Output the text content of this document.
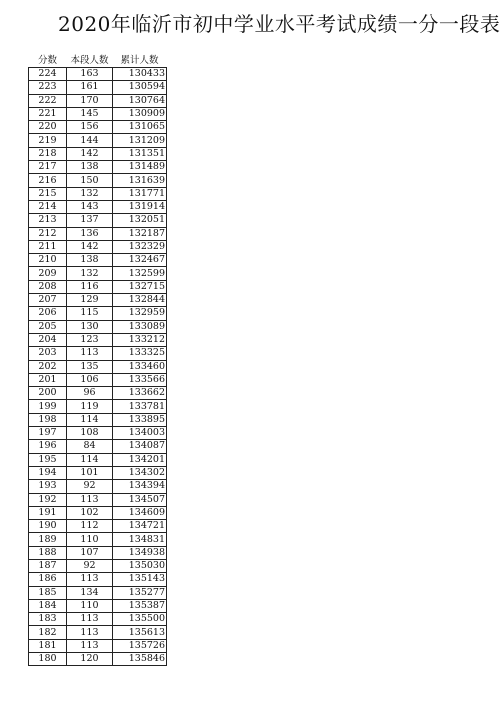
2020年临沂市初中学业水平考试成绩一分一段表
分数	本段人数	累计人数
224	163	130433
223	161	130594
222	170	130764
221	145	130909
220	156	131065
219	144	131209
218	142	131351
217	138	131489
216	150	131639
215	132	131771
214	143	131914
213	137	132051
212	136	132187
211	142	132329
210	138	132467
209	132	132599
208	116	132715
207	129	132844
206	115	132959
205	130	133089
204	123	133212
203	113	133325
202	135	133460
201	106	133566
200	96	133662
199	119	133781
198	114	133895
197	108	134003
196	84	134087
195	114	134201
194	101	134302
193	92	134394
192	113	134507
191	102	134609
190	112	134721
189	110	134831
188	107	134938
187	92	135030
186	113	135143
185	134	135277
184	110	135387
183	113	135500
182	113	135613
181	113	135726
180	120	135846
